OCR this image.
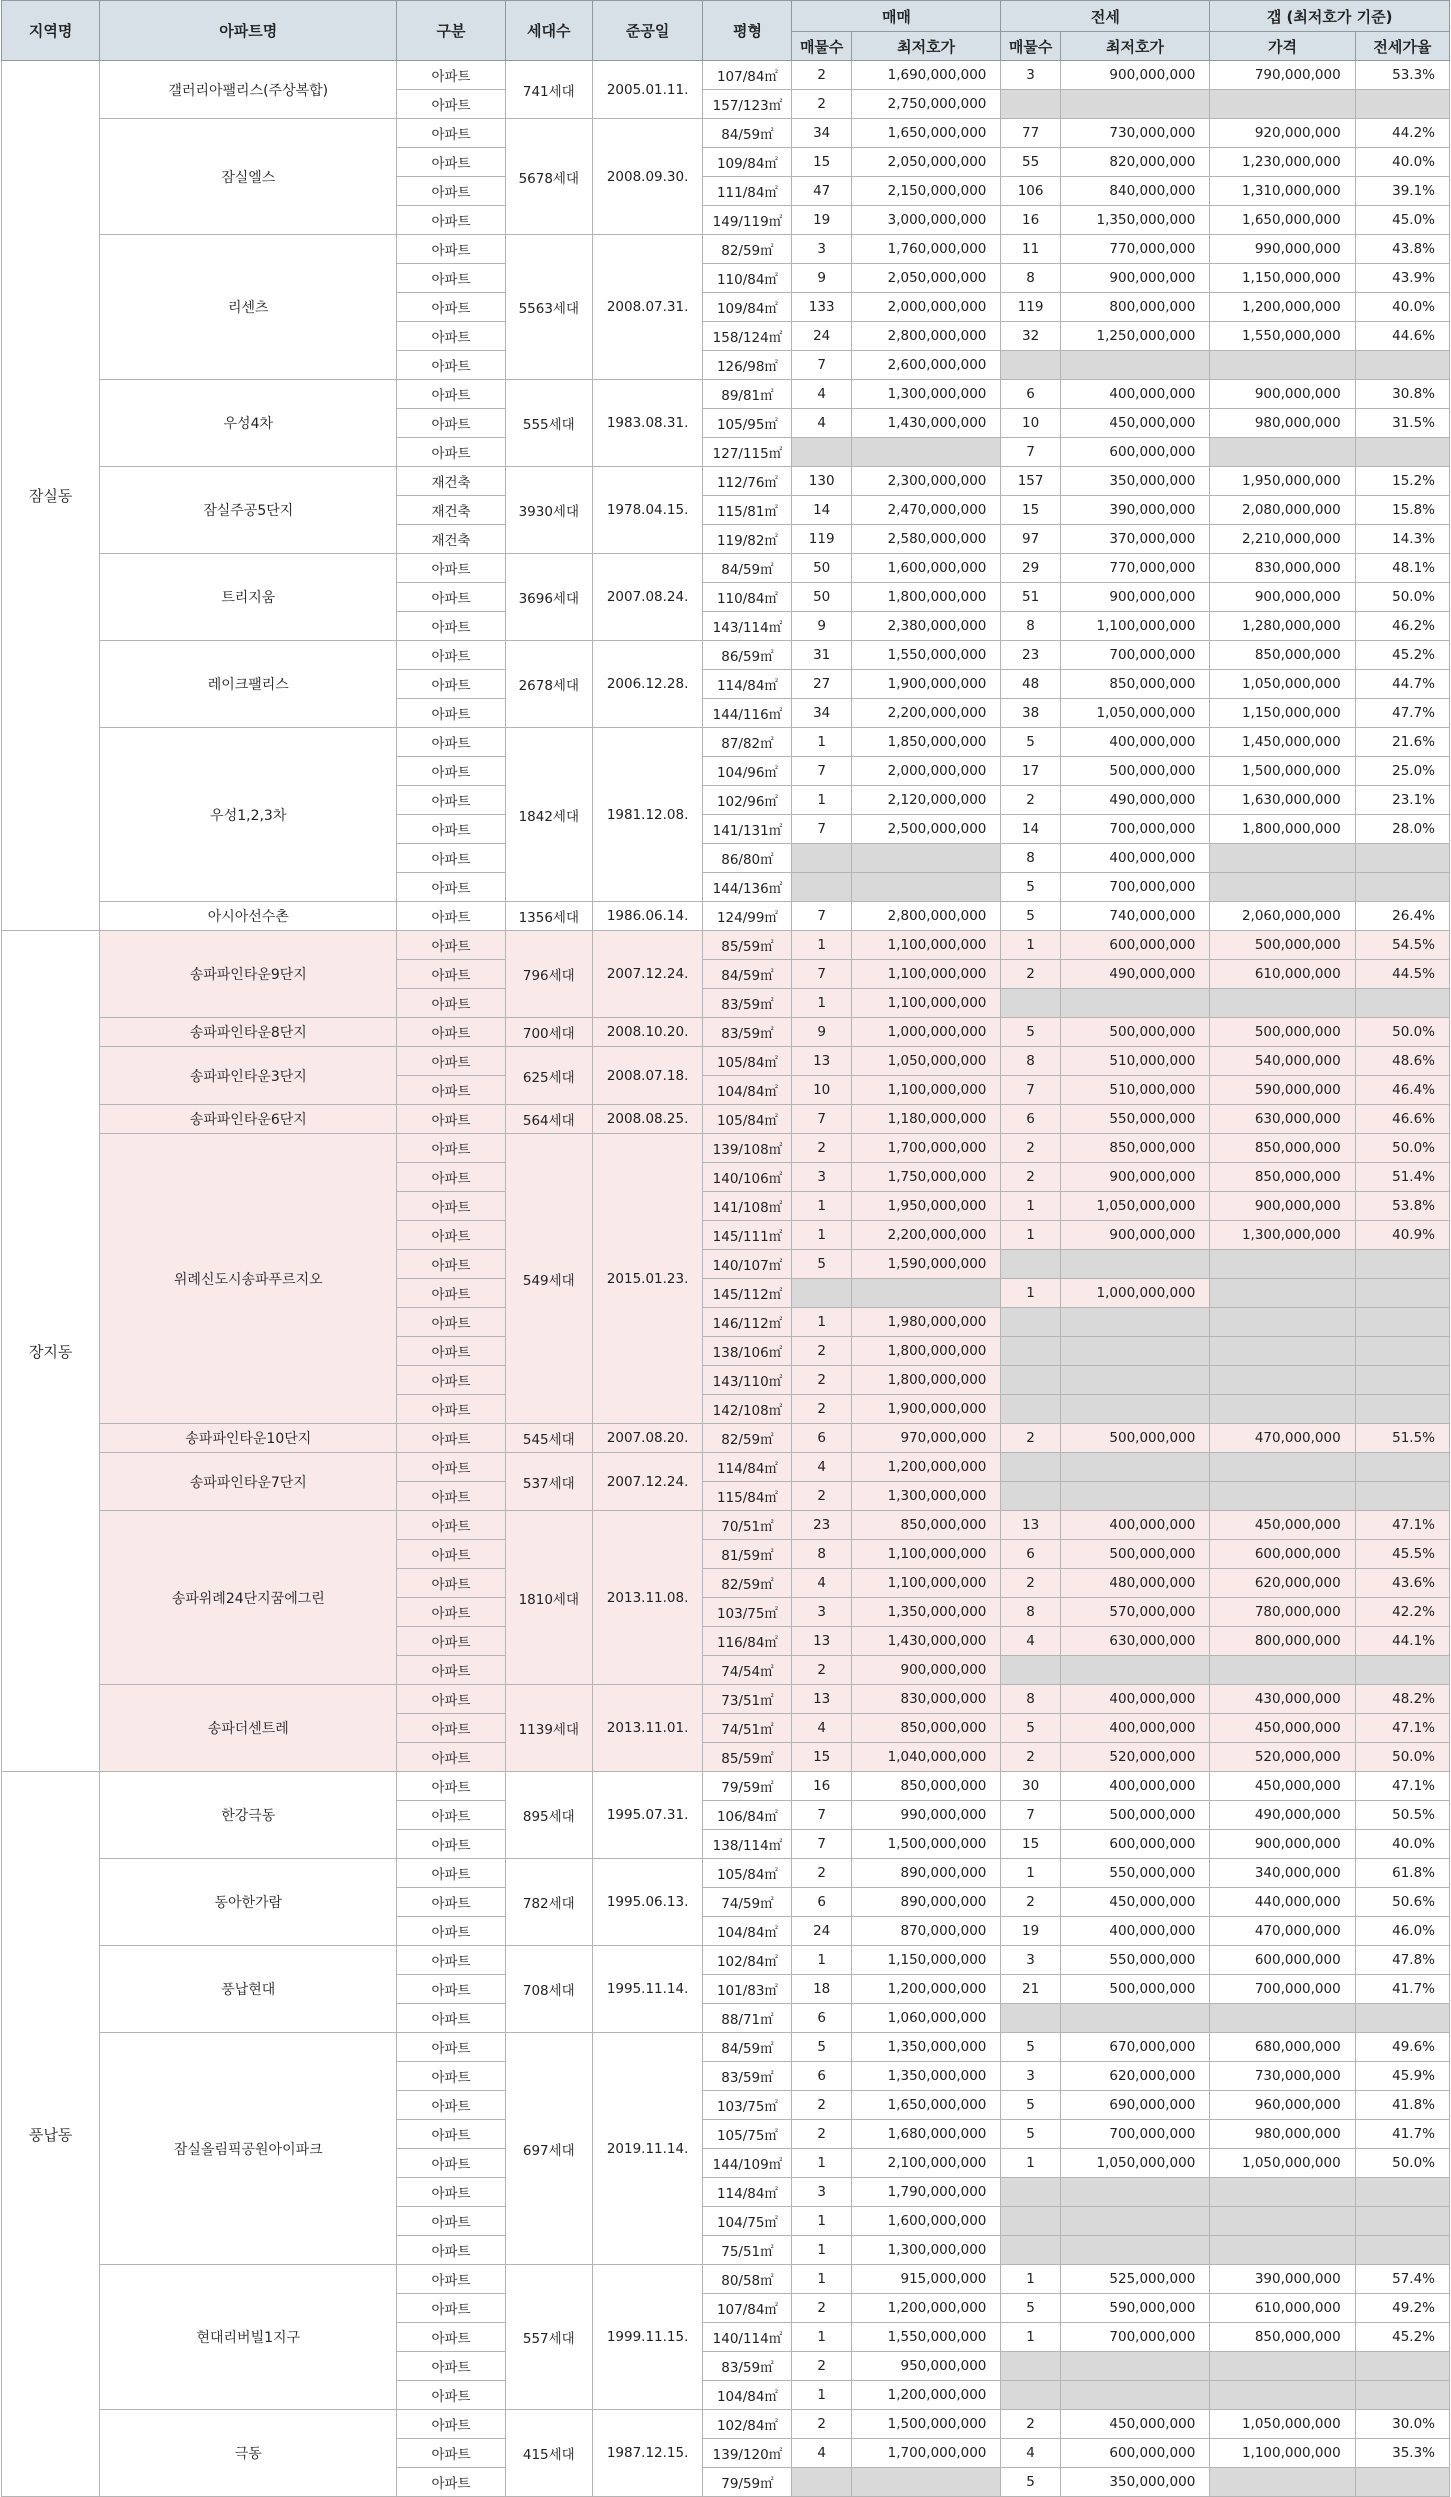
지역명	아파트명	구분	세대수	준공일	평형	매매		전세		갭 (최저호가 기준)	
						매물수	최저호가	매물수	최저호가	가격	전세가율
잠실동	갤러리아팰리스(주상복합)	아파트	741세대	2005.01.11.	107/84㎡	2	1,690,000,000	3	900,000,000	790,000,000	53.3%
		아파트			157/123㎡	2	2,750,000,000				
	잠실엘스	아파트	5678세대	2008.09.30.	84/59㎡	34	1,650,000,000	77	730,000,000	920,000,000	44.2%
		아파트			109/84㎡	15	2,050,000,000	55	820,000,000	1,230,000,000	40.0%
		아파트			111/84㎡	47	2,150,000,000	106	840,000,000	1,310,000,000	39.1%
		아파트			149/119㎡	19	3,000,000,000	16	1,350,000,000	1,650,000,000	45.0%
	리센츠	아파트	5563세대	2008.07.31.	82/59㎡	3	1,760,000,000	11	770,000,000	990,000,000	43.8%
		아파트			110/84㎡	9	2,050,000,000	8	900,000,000	1,150,000,000	43.9%
		아파트			109/84㎡	133	2,000,000,000	119	800,000,000	1,200,000,000	40.0%
		아파트			158/124㎡	24	2,800,000,000	32	1,250,000,000	1,550,000,000	44.6%
		아파트			126/98㎡	7	2,600,000,000				
	우성4차	아파트	555세대	1983.08.31.	89/81㎡	4	1,300,000,000	6	400,000,000	900,000,000	30.8%
		아파트			105/95㎡	4	1,430,000,000	10	450,000,000	980,000,000	31.5%
		아파트			127/115㎡			7	600,000,000		
	잠실주공5단지	재건축	3930세대	1978.04.15.	112/76㎡	130	2,300,000,000	157	350,000,000	1,950,000,000	15.2%
		재건축			115/81㎡	14	2,470,000,000	15	390,000,000	2,080,000,000	15.8%
		재건축			119/82㎡	119	2,580,000,000	97	370,000,000	2,210,000,000	14.3%
	트리지움	아파트	3696세대	2007.08.24.	84/59㎡	50	1,600,000,000	29	770,000,000	830,000,000	48.1%
		아파트			110/84㎡	50	1,800,000,000	51	900,000,000	900,000,000	50.0%
		아파트			143/114㎡	9	2,380,000,000	8	1,100,000,000	1,280,000,000	46.2%
	레이크팰리스	아파트	2678세대	2006.12.28.	86/59㎡	31	1,550,000,000	23	700,000,000	850,000,000	45.2%
		아파트			114/84㎡	27	1,900,000,000	48	850,000,000	1,050,000,000	44.7%
		아파트			144/116㎡	34	2,200,000,000	38	1,050,000,000	1,150,000,000	47.7%
	우성1,2,3차	아파트	1842세대	1981.12.08.	87/82㎡	1	1,850,000,000	5	400,000,000	1,450,000,000	21.6%
		아파트			104/96㎡	7	2,000,000,000	17	500,000,000	1,500,000,000	25.0%
		아파트			102/96㎡	1	2,120,000,000	2	490,000,000	1,630,000,000	23.1%
		아파트			141/131㎡	7	2,500,000,000	14	700,000,000	1,800,000,000	28.0%
		아파트			86/80㎡			8	400,000,000		
		아파트			144/136㎡			5	700,000,000		
	아시아선수촌	아파트	1356세대	1986.06.14.	124/99㎡	7	2,800,000,000	5	740,000,000	2,060,000,000	26.4%
장지동	송파파인타운9단지	아파트	796세대	2007.12.24.	85/59㎡	1	1,100,000,000	1	600,000,000	500,000,000	54.5%
		아파트			84/59㎡	7	1,100,000,000	2	490,000,000	610,000,000	44.5%
		아파트			83/59㎡	1	1,100,000,000				
	송파파인타운8단지	아파트	700세대	2008.10.20.	83/59㎡	9	1,000,000,000	5	500,000,000	500,000,000	50.0%
	송파파인타운3단지	아파트	625세대	2008.07.18.	105/84㎡	13	1,050,000,000	8	510,000,000	540,000,000	48.6%
		아파트			104/84㎡	10	1,100,000,000	7	510,000,000	590,000,000	46.4%
	송파파인타운6단지	아파트	564세대	2008.08.25.	105/84㎡	7	1,180,000,000	6	550,000,000	630,000,000	46.6%
	위례신도시송파푸르지오	아파트	549세대	2015.01.23.	139/108㎡	2	1,700,000,000	2	850,000,000	850,000,000	50.0%
		아파트			140/106㎡	3	1,750,000,000	2	900,000,000	850,000,000	51.4%
		아파트			141/108㎡	1	1,950,000,000	1	1,050,000,000	900,000,000	53.8%
		아파트			145/111㎡	1	2,200,000,000	1	900,000,000	1,300,000,000	40.9%
		아파트			140/107㎡	5	1,590,000,000				
		아파트			145/112㎡			1	1,000,000,000		
		아파트			146/112㎡	1	1,980,000,000				
		아파트			138/106㎡	2	1,800,000,000				
		아파트			143/110㎡	2	1,800,000,000				
		아파트			142/108㎡	2	1,900,000,000				
	송파파인타운10단지	아파트	545세대	2007.08.20.	82/59㎡	6	970,000,000	2	500,000,000	470,000,000	51.5%
	송파파인타운7단지	아파트	537세대	2007.12.24.	114/84㎡	4	1,200,000,000				
		아파트			115/84㎡	2	1,300,000,000				
	송파위례24단지꿈에그린	아파트	1810세대	2013.11.08.	70/51㎡	23	850,000,000	13	400,000,000	450,000,000	47.1%
		아파트			81/59㎡	8	1,100,000,000	6	500,000,000	600,000,000	45.5%
		아파트			82/59㎡	4	1,100,000,000	2	480,000,000	620,000,000	43.6%
		아파트			103/75㎡	3	1,350,000,000	8	570,000,000	780,000,000	42.2%
		아파트			116/84㎡	13	1,430,000,000	4	630,000,000	800,000,000	44.1%
		아파트			74/54㎡	2	900,000,000				
	송파더센트레	아파트	1139세대	2013.11.01.	73/51㎡	13	830,000,000	8	400,000,000	430,000,000	48.2%
		아파트			74/51㎡	4	850,000,000	5	400,000,000	450,000,000	47.1%
		아파트			85/59㎡	15	1,040,000,000	2	520,000,000	520,000,000	50.0%
풍납동	한강극동	아파트	895세대	1995.07.31.	79/59㎡	16	850,000,000	30	400,000,000	450,000,000	47.1%
		아파트			106/84㎡	7	990,000,000	7	500,000,000	490,000,000	50.5%
		아파트			138/114㎡	7	1,500,000,000	15	600,000,000	900,000,000	40.0%
	동아한가람	아파트	782세대	1995.06.13.	105/84㎡	2	890,000,000	1	550,000,000	340,000,000	61.8%
		아파트			74/59㎡	6	890,000,000	2	450,000,000	440,000,000	50.6%
		아파트			104/84㎡	24	870,000,000	19	400,000,000	470,000,000	46.0%
	풍납현대	아파트	708세대	1995.11.14.	102/84㎡	1	1,150,000,000	3	550,000,000	600,000,000	47.8%
		아파트			101/83㎡	18	1,200,000,000	21	500,000,000	700,000,000	41.7%
		아파트			88/71㎡	6	1,060,000,000				
	잠실올림픽공원아이파크	아파트	697세대	2019.11.14.	84/59㎡	5	1,350,000,000	5	670,000,000	680,000,000	49.6%
		아파트			83/59㎡	6	1,350,000,000	3	620,000,000	730,000,000	45.9%
		아파트			103/75㎡	2	1,650,000,000	5	690,000,000	960,000,000	41.8%
		아파트			105/75㎡	2	1,680,000,000	5	700,000,000	980,000,000	41.7%
		아파트			144/109㎡	1	2,100,000,000	1	1,050,000,000	1,050,000,000	50.0%
		아파트			114/84㎡	3	1,790,000,000				
		아파트			104/75㎡	1	1,600,000,000				
		아파트			75/51㎡	1	1,300,000,000				
	현대리버빌1지구	아파트	557세대	1999.11.15.	80/58㎡	1	915,000,000	1	525,000,000	390,000,000	57.4%
		아파트			107/84㎡	2	1,200,000,000	5	590,000,000	610,000,000	49.2%
		아파트			140/114㎡	1	1,550,000,000	1	700,000,000	850,000,000	45.2%
		아파트			83/59㎡	2	950,000,000				
		아파트			104/84㎡	1	1,200,000,000				
	극동	아파트	415세대	1987.12.15.	102/84㎡	2	1,500,000,000	2	450,000,000	1,050,000,000	30.0%
		아파트			139/120㎡	4	1,700,000,000	4	600,000,000	1,100,000,000	35.3%
		아파트			79/59㎡			5	350,000,000		
